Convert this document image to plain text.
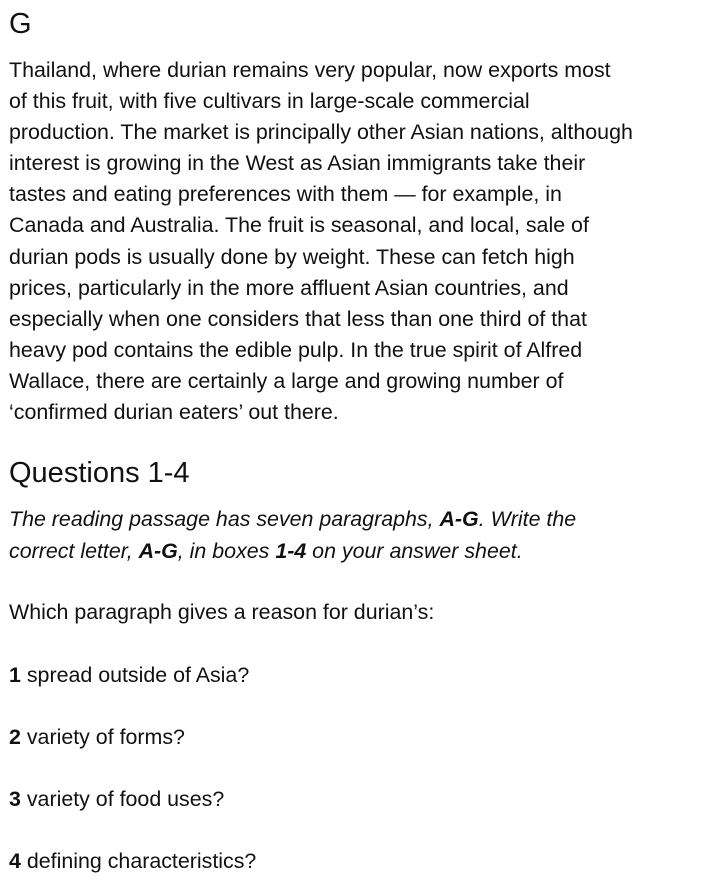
G

Thailand, where durian remains very popular, now exports most
of this fruit, with five cultivars in large-scale commercial
production. The market is principally other Asian nations, although
interest is growing in the West as Asian immigrants take their
tastes and eating preferences with them — for example, in
Canada and Australia. The fruit is seasonal, and local, sale of
durian pods is usually done by weight. These can fetch high
prices, particularly in the more affluent Asian countries, and
especially when one considers that less than one third of that
heavy pod contains the edible pulp. In the true spirit of Alfred
Wallace, there are certainly a large and growing number of
‘confirmed durian eaters’ out there.

Questions 1-4

The reading passage has seven paragraphs, A-G. Write the
correct letter, A-G, in boxes 1-4 on your answer sheet.

Which paragraph gives a reason for durian’s:

1 spread outside of Asia?

2 variety of forms?

3 variety of food uses?

4 defining characteristics?
